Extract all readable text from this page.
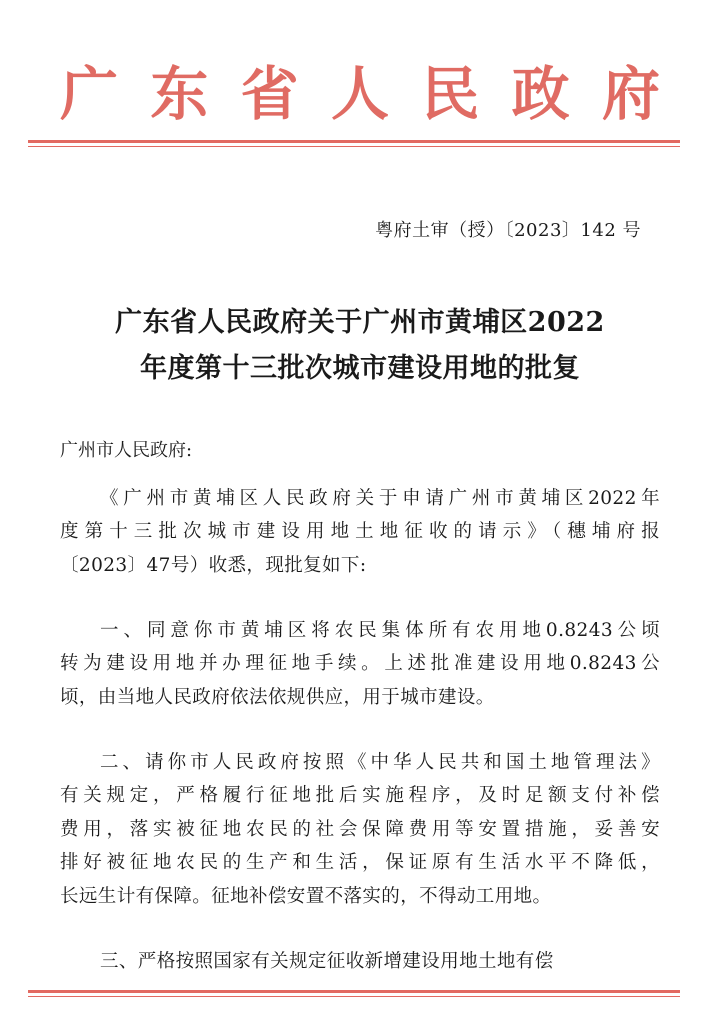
广 东 省 人 民 政 府
粤府土审（授）〔2023〕142 号
广东省人民政府关于广州市黄埔区2022
年度第十三批次城市建设用地的批复
广州市人民政府:
《广州市黄埔区人民政府关于申请广州市黄埔区2022年
度第十三批次城市建设用地土地征收的请示》（穗埔府报
〔2023〕47号）收悉，现批复如下:
一、同意你市黄埔区将农民集体所有农用地0.8243公顷
转为建设用地并办理征地手续。上述批准建设用地0.8243公
顷，由当地人民政府依法依规供应，用于城市建设。
二、请你市人民政府按照《中华人民共和国土地管理法》
有关规定，严格履行征地批后实施程序，及时足额支付补偿
费用，落实被征地农民的社会保障费用等安置措施，妥善安
排好被征地农民的生产和生活，保证原有生活水平不降低，
长远生计有保障。征地补偿安置不落实的，不得动工用地。
三、严格按照国家有关规定征收新增建设用地土地有偿
